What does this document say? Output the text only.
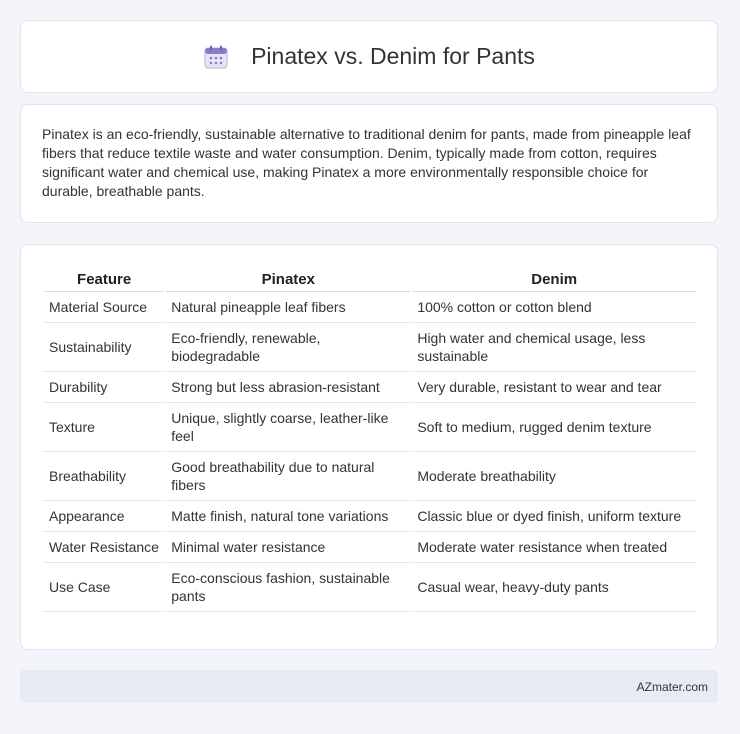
Pinatex vs. Denim for Pants

Pinatex is an eco-friendly, sustainable alternative to traditional denim for pants, made from pineapple leaf fibers that reduce textile waste and water consumption. Denim, typically made from cotton, requires significant water and chemical use, making Pinatex a more environmentally responsible choice for durable, breathable pants.

Feature	Pinatex	Denim
Material Source	Natural pineapple leaf fibers	100% cotton or cotton blend
Sustainability	Eco-friendly, renewable, biodegradable	High water and chemical usage, less sustainable
Durability	Strong but less abrasion-resistant	Very durable, resistant to wear and tear
Texture	Unique, slightly coarse, leather-like feel	Soft to medium, rugged denim texture
Breathability	Good breathability due to natural fibers	Moderate breathability
Appearance	Matte finish, natural tone variations	Classic blue or dyed finish, uniform texture
Water Resistance	Minimal water resistance	Moderate water resistance when treated
Use Case	Eco-conscious fashion, sustainable pants	Casual wear, heavy-duty pants
AZmater.com
